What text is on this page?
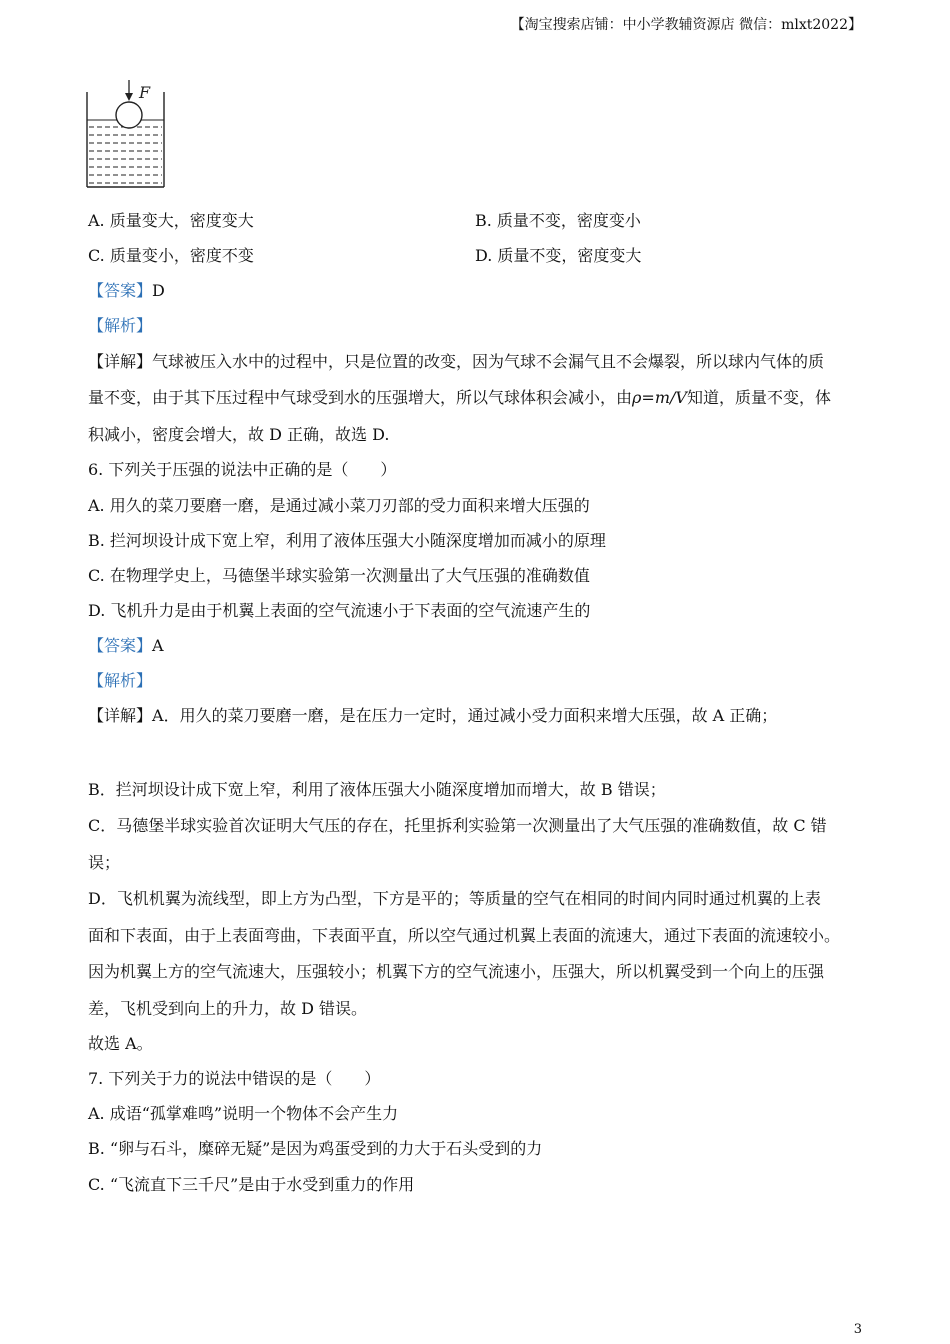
【淘宝搜索店铺：中小学教辅资源店 微信：mlxt2022】
F
A. 质量变大，密度变大	B. 质量不变，密度变小
C. 质量变小，密度不变	D. 质量不变，密度变大
【答案】D
【解析】
【详解】气球被压入水中的过程中，只是位置的改变，因为气球不会漏气且不会爆裂，所以球内气体的质
量不变，由于其下压过程中气球受到水的压强增大，所以气球体积会减小，由ρ=m/V知道，质量不变，体
积减小，密度会增大，故 D 正确，故选 D.
6. 下列关于压强的说法中正确的是（　　）
A. 用久的菜刀要磨一磨，是通过减小菜刀刃部的受力面积来增大压强的
B. 拦河坝设计成下宽上窄，利用了液体压强大小随深度增加而减小的原理
C. 在物理学史上，马德堡半球实验第一次测量出了大气压强的准确数值
D. 飞机升力是由于机翼上表面的空气流速小于下表面的空气流速产生的
【答案】A
【解析】
【详解】A．用久的菜刀要磨一磨，是在压力一定时，通过减小受力面积来增大压强，故 A 正确；
B．拦河坝设计成下宽上窄，利用了液体压强大小随深度增加而增大，故 B 错误；
C．马德堡半球实验首次证明大气压的存在，托里拆利实验第一次测量出了大气压强的准确数值，故 C 错
误；
D．飞机机翼为流线型，即上方为凸型，下方是平的；等质量的空气在相同的时间内同时通过机翼的上表
面和下表面，由于上表面弯曲，下表面平直，所以空气通过机翼上表面的流速大，通过下表面的流速较小。
因为机翼上方的空气流速大，压强较小；机翼下方的空气流速小，压强大，所以机翼受到一个向上的压强
差，飞机受到向上的升力，故 D 错误。
故选 A。
7. 下列关于力的说法中错误的是（　　）
A. 成语“孤掌难鸣”说明一个物体不会产生力
B. “卵与石斗，糜碎无疑”是因为鸡蛋受到的力大于石头受到的力
C. “飞流直下三千尺”是由于水受到重力的作用
3
